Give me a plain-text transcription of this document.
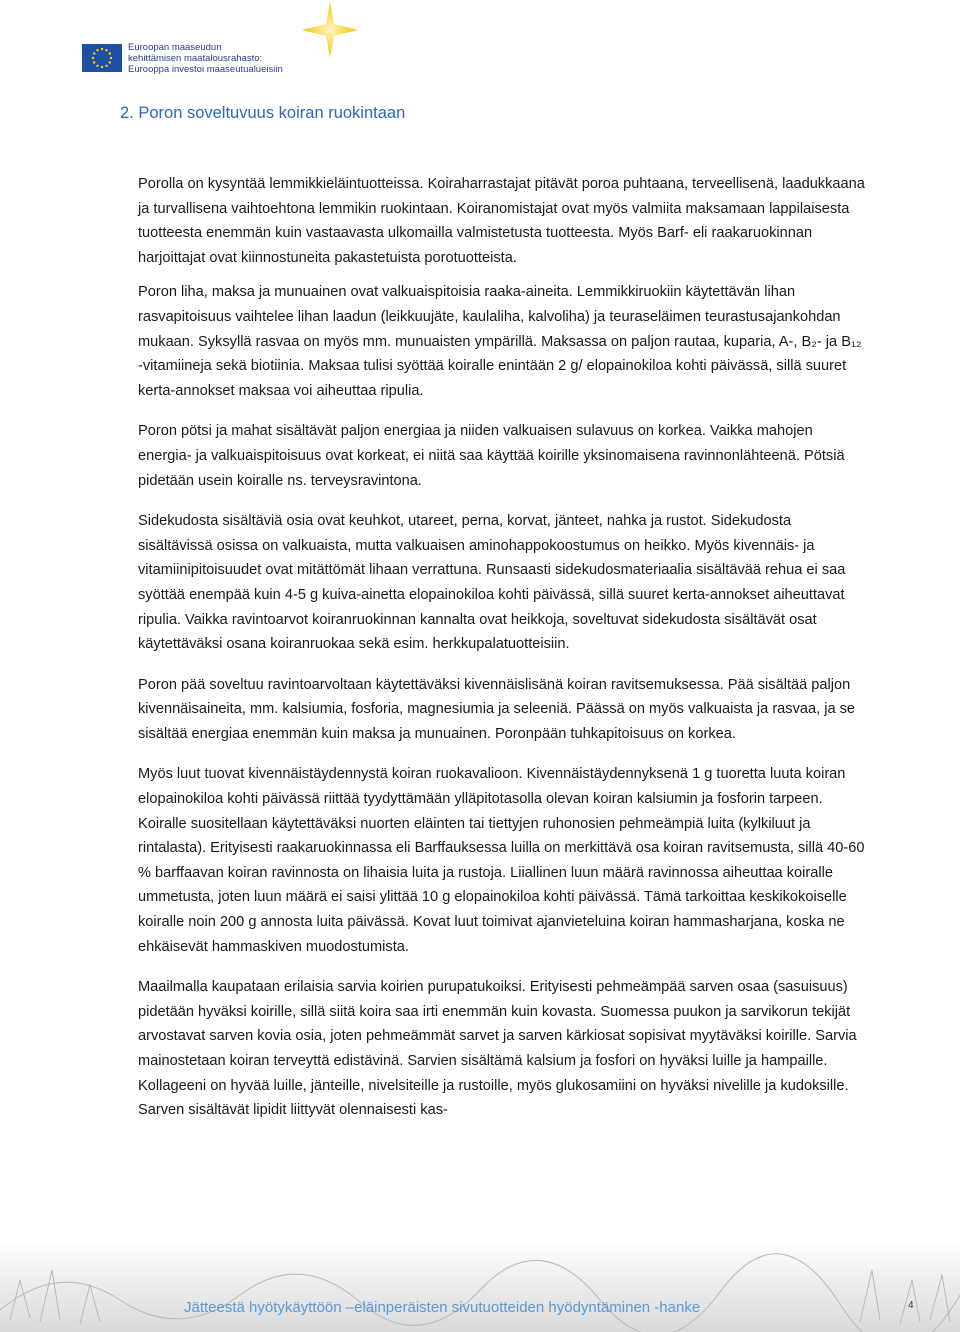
Euroopan maaseudun
kehittämisen maatalousrahasto:
Eurooppa investoi maaseutualueisiin
2. Poron soveltuvuus koiran ruokintaan

Porolla on kysyntää lemmikkieläintuotteissa. Koiraharrastajat pitävät poroa puhtaana, terveellisenä, laadukkaana ja turvallisena vaihtoehtona lemmikin ruokintaan. Koiranomistajat ovat myös valmiita maksamaan lappilaisesta tuotteesta enemmän kuin vastaavasta ulkomailla valmistetusta tuotteesta. Myös Barf- eli raakaruokinnan harjoittajat ovat kiinnostuneita pakastetuista porotuotteista.

Poron liha, maksa ja munuainen ovat valkuaispitoisia raaka-aineita. Lemmikkiruokiin käytettävän lihan rasvapitoisuus vaihtelee lihan laadun (leikkuujäte, kaulaliha, kalvoliha) ja teuraseläimen teurastusajankohdan mukaan. Syksyllä rasvaa on myös mm. munuaisten ympärillä. Maksassa on paljon rautaa, kuparia, A-, B₂- ja B₁₂ -vitamiineja sekä biotiinia. Maksaa tulisi syöttää koiralle enintään 2 g/ elopainokiloa kohti päivässä, sillä suuret kerta-annokset maksaa voi aiheuttaa ripulia.

Poron pötsi ja mahat sisältävät paljon energiaa ja niiden valkuaisen sulavuus on korkea. Vaikka mahojen energia- ja valkuaispitoisuus ovat korkeat, ei niitä saa käyttää koirille yksinomaisena ravinnonlähteenä. Pötsiä pidetään usein koiralle ns. terveysravintona.

Sidekudosta sisältäviä osia ovat keuhkot, utareet, perna, korvat, jänteet, nahka ja rustot. Sidekudosta sisältävissä osissa on valkuaista, mutta valkuaisen aminohappokoostumus on heikko. Myös kivennäis- ja vitamiinipitoisuudet ovat mitättömät lihaan verrattuna. Runsaasti sidekudosmateriaalia sisältävää rehua ei saa syöttää enempää kuin 4-5 g kuiva-ainetta elopainokiloa kohti päivässä, sillä suuret kerta-annokset aiheuttavat ripulia. Vaikka ravintoarvot koiranruokinnan kannalta ovat heikkoja, soveltuvat sidekudosta sisältävät osat käytettäväksi osana koiranruokaa sekä esim. herkkupalatuotteisiin.

Poron pää soveltuu ravintoarvoltaan käytettäväksi kivennäislisänä koiran ravitsemuksessa. Pää sisältää paljon kivennäisaineita, mm. kalsiumia, fosforia, magnesiumia ja seleeniä. Päässä on myös valkuaista ja rasvaa, ja se sisältää energiaa enemmän kuin maksa ja munuainen. Poronpään tuhkapitoisuus on korkea.

Myös luut tuovat kivennäistäydennystä koiran ruokavalioon. Kivennäistäydennyksenä 1 g tuoretta luuta koiran elopainokiloa kohti päivässä riittää tyydyttämään ylläpitotasolla olevan koiran kalsiumin ja fosforin tarpeen. Koiralle suositellaan käytettäväksi nuorten eläinten tai tiettyjen ruhonosien pehmeämpiä luita (kylkiluut ja rintalasta). Erityisesti raakaruokinnassa eli Barffauksessa luilla on merkittävä osa koiran ravitsemusta, sillä 40-60 % barffaavan koiran ravinnosta on lihaisia luita ja rustoja. Liiallinen luun määrä ravinnossa aiheuttaa koiralle ummetusta, joten luun määrä ei saisi ylittää 10 g elopainokiloa kohti päivässä. Tämä tarkoittaa keskikokoiselle koiralle noin 200 g annosta luita päivässä. Kovat luut toimivat ajanvieteluina koiran hammasharjana, koska ne ehkäisevät hammaskiven muodostumista.

Maailmalla kaupataan erilaisia sarvia koirien purupatukoiksi. Erityisesti pehmeämpää sarven osaa (sasuisuus) pidetään hyväksi koirille, sillä siitä koira saa irti enemmän kuin kovasta. Suomessa puukon ja sarvikorun tekijät arvostavat sarven kovia osia, joten pehmeämmät sarvet ja sarven kärkiosat sopisivat myytäväksi koirille. Sarvia mainostetaan koiran terveyttä edistävinä. Sarvien sisältämä kalsium ja fosfori on hyväksi luille ja hampaille. Kollageeni on hyvää luille, jänteille, nivelsiteille ja rustoille, myös glukosamiini on hyväksi nivelille ja kudoksille. Sarven sisältävät lipidit liittyvät olennaisesti kas-

Jätteestä hyötykäyttöön –eläinperäisten sivutuotteiden hyödyntäminen -hanke	4
